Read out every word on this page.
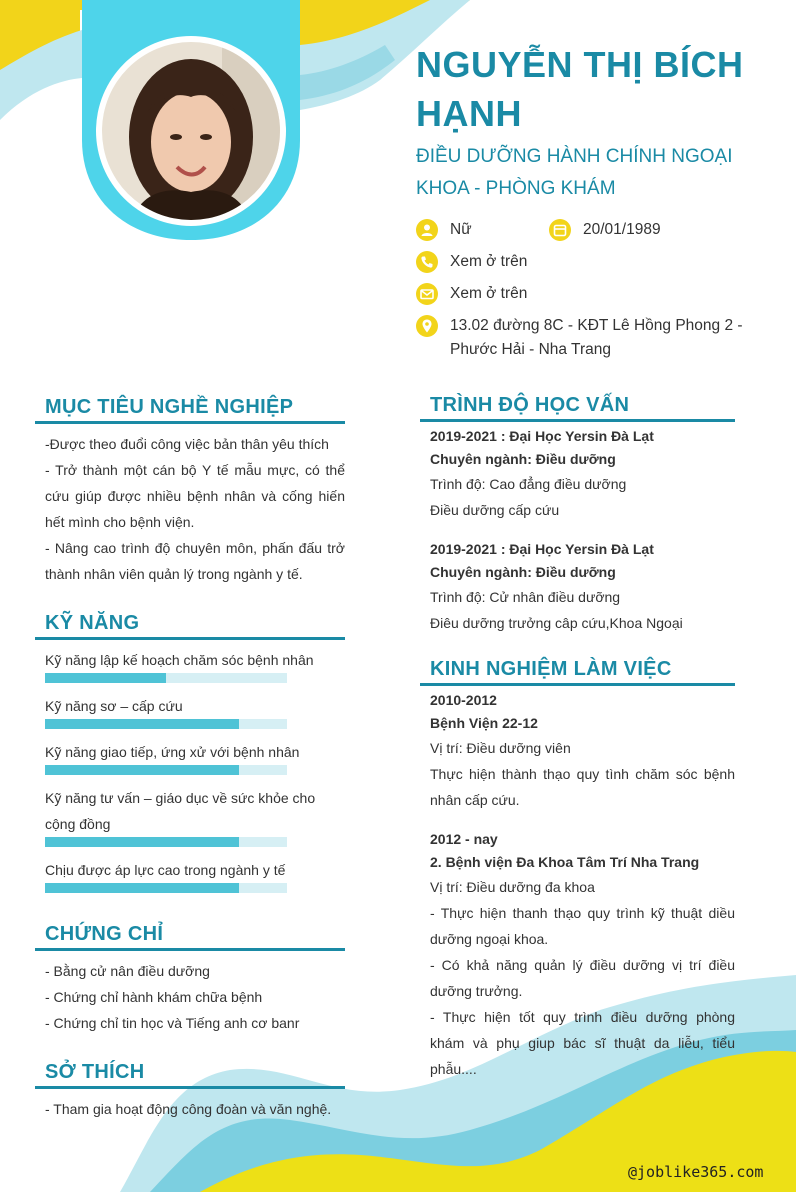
NGUYỄN THỊ BÍCH HẠNH
ĐIỀU DƯỠNG HÀNH CHÍNH NGOẠI KHOA - PHÒNG KHÁM
Nữ	20/01/1989
Xem ở trên
Xem ở trên
13.02 đường 8C - KĐT Lê Hồng Phong 2 - Phước Hải - Nha Trang
MỤC TIÊU NGHỀ NGHIỆP
-Được theo đuổi công việc bản thân yêu thích
- Trở thành một cán bộ Y tế mẫu mực, có thể cứu giúp được nhiều bệnh nhân và cống hiến hết mình cho bệnh viện.
- Nâng cao trình độ chuyên môn, phấn đấu trở thành nhân viên quản lý trong ngành y tế.
KỸ NĂNG
Kỹ năng lập kế hoạch chăm sóc bệnh nhân
Kỹ năng sơ – cấp cứu
Kỹ năng giao tiếp, ứng xử với bệnh nhân
Kỹ năng tư vấn – giáo dục về sức khỏe cho cộng đồng
Chịu được áp lực cao trong ngành y tế
CHỨNG CHỈ
- Bằng cử nân điều dưỡng
- Chứng chỉ hành khám chữa bệnh
- Chứng chỉ tin học và Tiếng anh cơ banr
SỞ THÍCH
- Tham gia hoạt động công đoàn và văn nghệ.
TRÌNH ĐỘ HỌC VẤN
2019-2021 : Đại Học Yersin Đà Lạt
Chuyên ngành: Điều dưỡng
Trình độ: Cao đẳng điều dưỡng
Điều dưỡng cấp cứu
2019-2021 : Đại Học Yersin Đà Lạt
Chuyên ngành: Điều dưỡng
Trình độ: Cử nhân điều dưỡng
Điêu dưỡng trưởng câp cứu,Khoa Ngoại
KINH NGHIỆM LÀM VIỆC
2010-2012
Bệnh Viện 22-12
Vị trí: Điều dưỡng viên
Thực hiện thành thạo quy tình chăm sóc bệnh nhân cấp cứu.
2012 - nay
2. Bệnh viện Đa Khoa Tâm Trí Nha Trang
Vị trí: Điều dưỡng đa khoa
- Thực hiện thanh thạo quy trình kỹ thuật diều dưỡng ngoại khoa.
- Có khả năng quản lý điều dưỡng vị trí điều dưỡng trưởng.
- Thực hiện tốt quy trình điều dưỡng phòng khám và phụ giup bác sĩ thuật da liễu, tiểu phẫu....
@joblike365.com
